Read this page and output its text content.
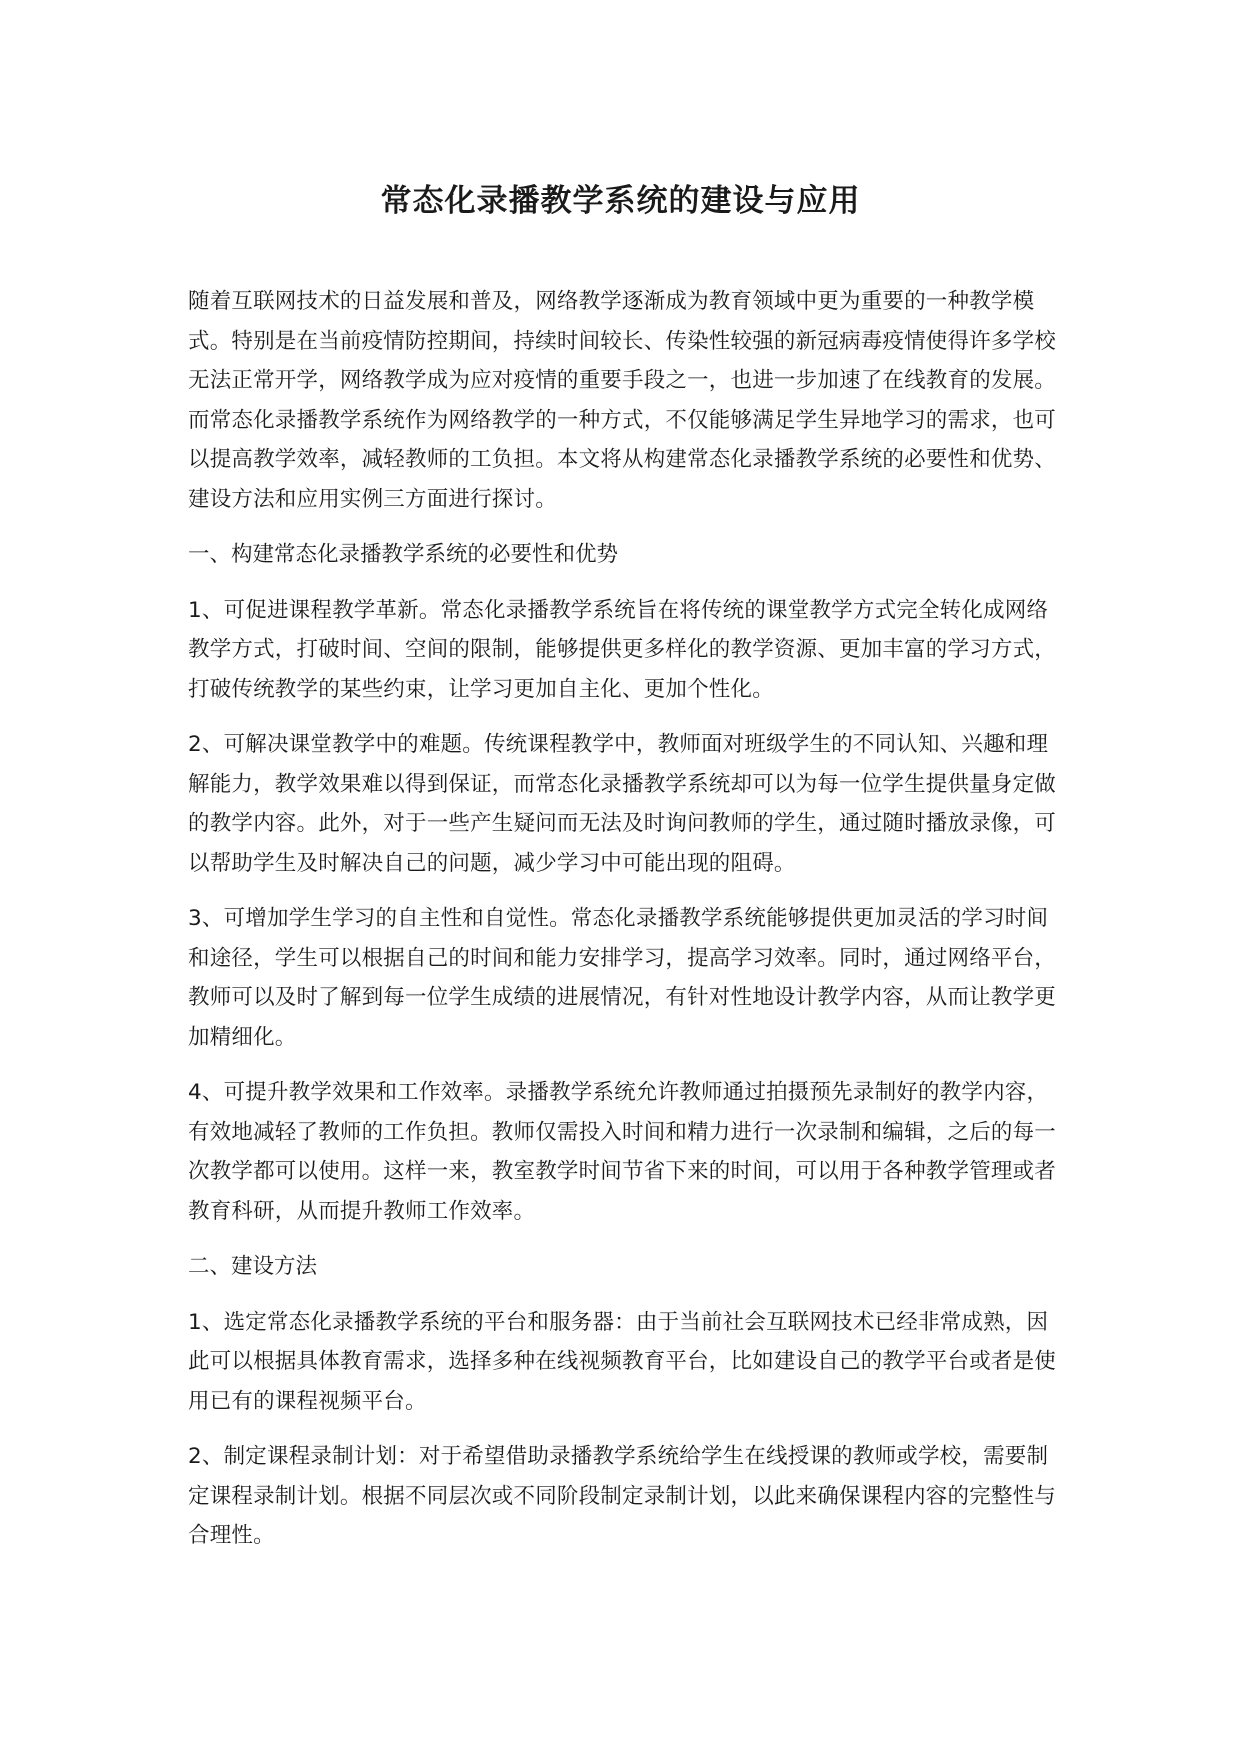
常态化录播教学系统的建设与应用

随着互联网技术的日益发展和普及，网络教学逐渐成为教育领域中更为重要的一种教学模式。特别是在当前疫情防控期间，持续时间较长、传染性较强的新冠病毒疫情使得许多学校无法正常开学，网络教学成为应对疫情的重要手段之一，也进一步加速了在线教育的发展。而常态化录播教学系统作为网络教学的一种方式，不仅能够满足学生异地学习的需求，也可以提高教学效率，减轻教师的工负担。本文将从构建常态化录播教学系统的必要性和优势、建设方法和应用实例三方面进行探讨。

一、构建常态化录播教学系统的必要性和优势

1、可促进课程教学革新。常态化录播教学系统旨在将传统的课堂教学方式完全转化成网络教学方式，打破时间、空间的限制，能够提供更多样化的教学资源、更加丰富的学习方式，打破传统教学的某些约束，让学习更加自主化、更加个性化。

2、可解决课堂教学中的难题。传统课程教学中，教师面对班级学生的不同认知、兴趣和理解能力，教学效果难以得到保证，而常态化录播教学系统却可以为每一位学生提供量身定做的教学内容。此外，对于一些产生疑问而无法及时询问教师的学生，通过随时播放录像，可以帮助学生及时解决自己的问题，减少学习中可能出现的阻碍。

3、可增加学生学习的自主性和自觉性。常态化录播教学系统能够提供更加灵活的学习时间和途径，学生可以根据自己的时间和能力安排学习，提高学习效率。同时，通过网络平台，教师可以及时了解到每一位学生成绩的进展情况，有针对性地设计教学内容，从而让教学更加精细化。

4、可提升教学效果和工作效率。录播教学系统允许教师通过拍摄预先录制好的教学内容，有效地减轻了教师的工作负担。教师仅需投入时间和精力进行一次录制和编辑，之后的每一次教学都可以使用。这样一来，教室教学时间节省下来的时间，可以用于各种教学管理或者教育科研，从而提升教师工作效率。

二、建设方法

1、选定常态化录播教学系统的平台和服务器：由于当前社会互联网技术已经非常成熟，因此可以根据具体教育需求，选择多种在线视频教育平台，比如建设自己的教学平台或者是使用已有的课程视频平台。

2、制定课程录制计划：对于希望借助录播教学系统给学生在线授课的教师或学校，需要制定课程录制计划。根据不同层次或不同阶段制定录制计划，以此来确保课程内容的完整性与合理性。
